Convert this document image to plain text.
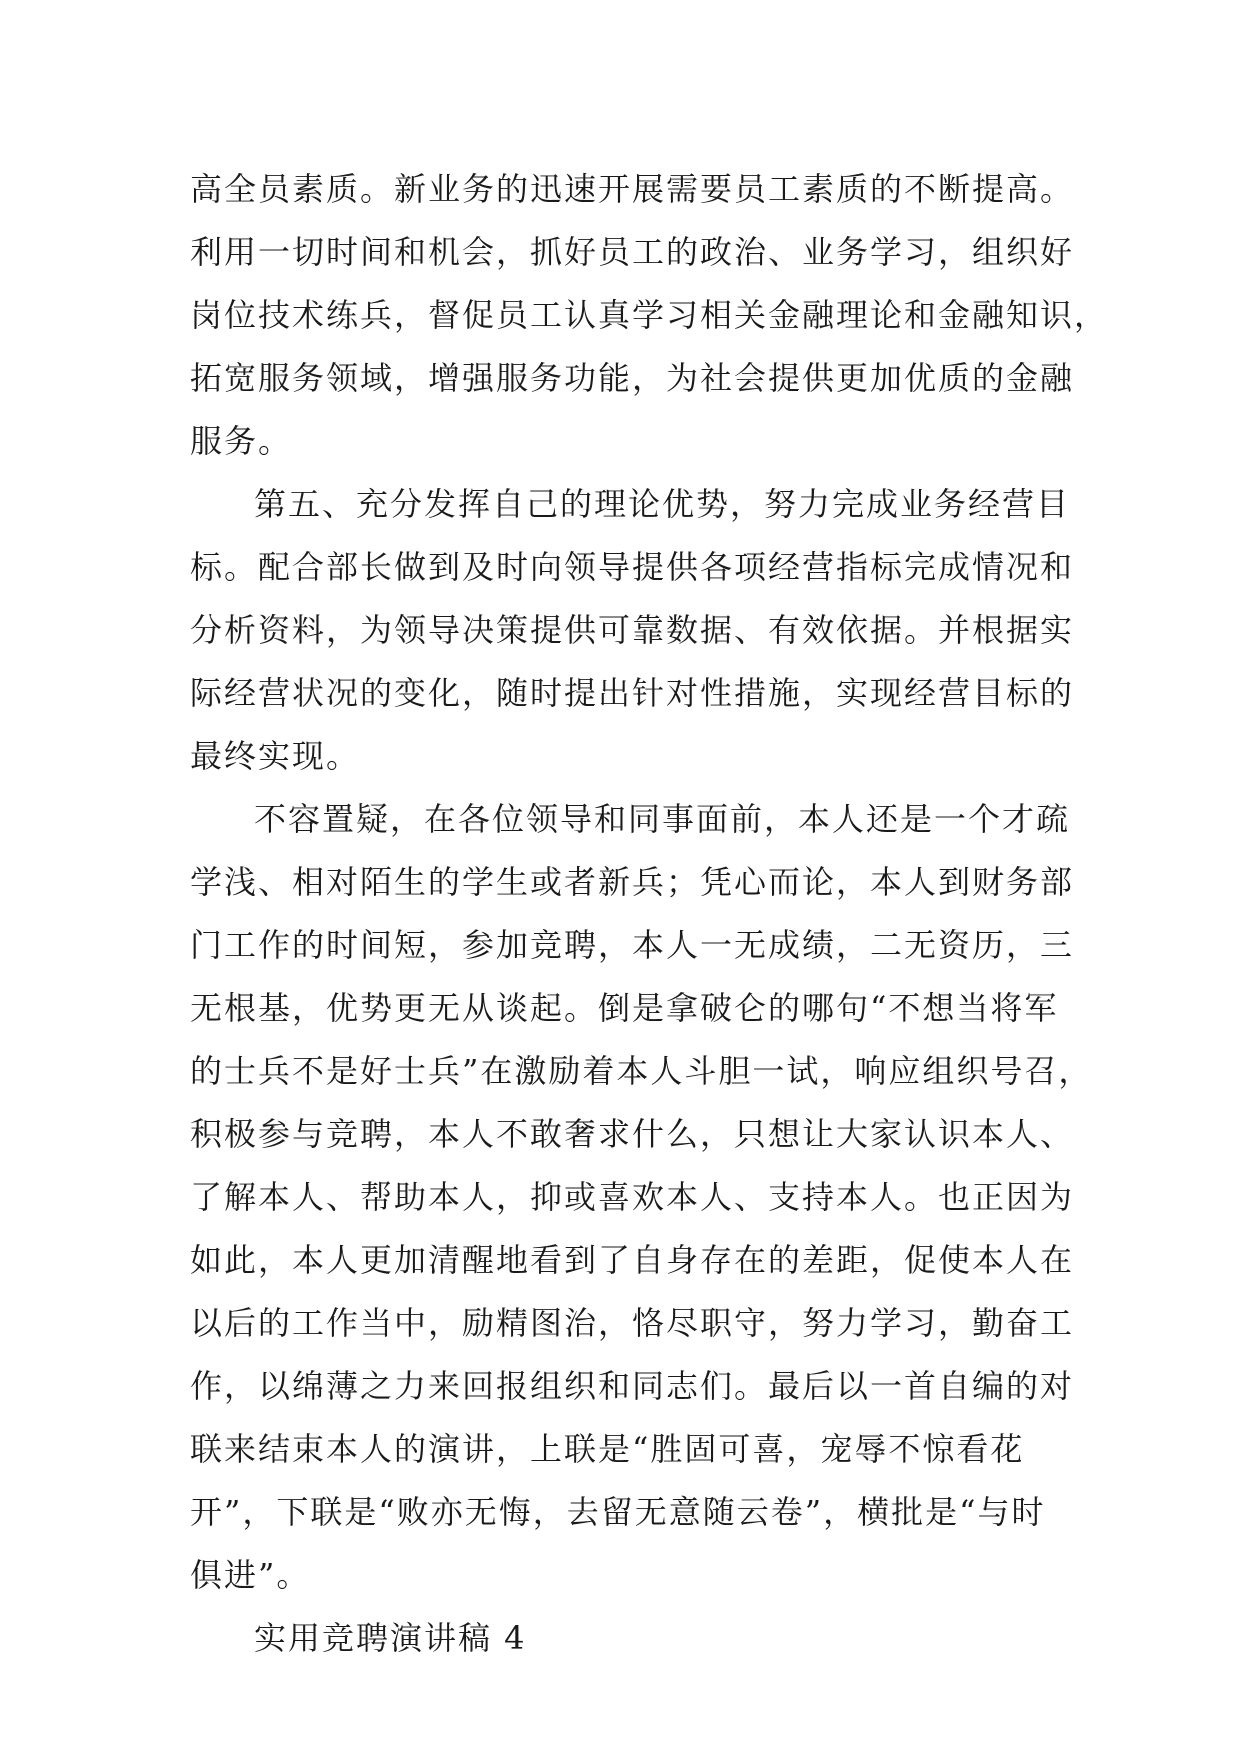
高全员素质。新业务的迅速开展需要员工素质的不断提高。
利用一切时间和机会，抓好员工的政治、业务学习，组织好
岗位技术练兵，督促员工认真学习相关金融理论和金融知识，
拓宽服务领域，增强服务功能，为社会提供更加优质的金融
服务。
第五、充分发挥自己的理论优势，努力完成业务经营目
标。配合部长做到及时向领导提供各项经营指标完成情况和
分析资料，为领导决策提供可靠数据、有效依据。并根据实
际经营状况的变化，随时提出针对性措施，实现经营目标的
最终实现。
不容置疑，在各位领导和同事面前，本人还是一个才疏
学浅、相对陌生的学生或者新兵；凭心而论，本人到财务部
门工作的时间短，参加竞聘，本人一无成绩，二无资历，三
无根基，优势更无从谈起。倒是拿破仑的哪句“不想当将军
的士兵不是好士兵”在激励着本人斗胆一试，响应组织号召，
积极参与竞聘，本人不敢奢求什么，只想让大家认识本人、
了解本人、帮助本人，抑或喜欢本人、支持本人。也正因为
如此，本人更加清醒地看到了自身存在的差距，促使本人在
以后的工作当中，励精图治，恪尽职守，努力学习，勤奋工
作，以绵薄之力来回报组织和同志们。最后以一首自编的对
联来结束本人的演讲，上联是“胜固可喜，宠辱不惊看花
开”，下联是“败亦无悔，去留无意随云卷”，横批是“与时
俱进”。
实用竞聘演讲稿 4
